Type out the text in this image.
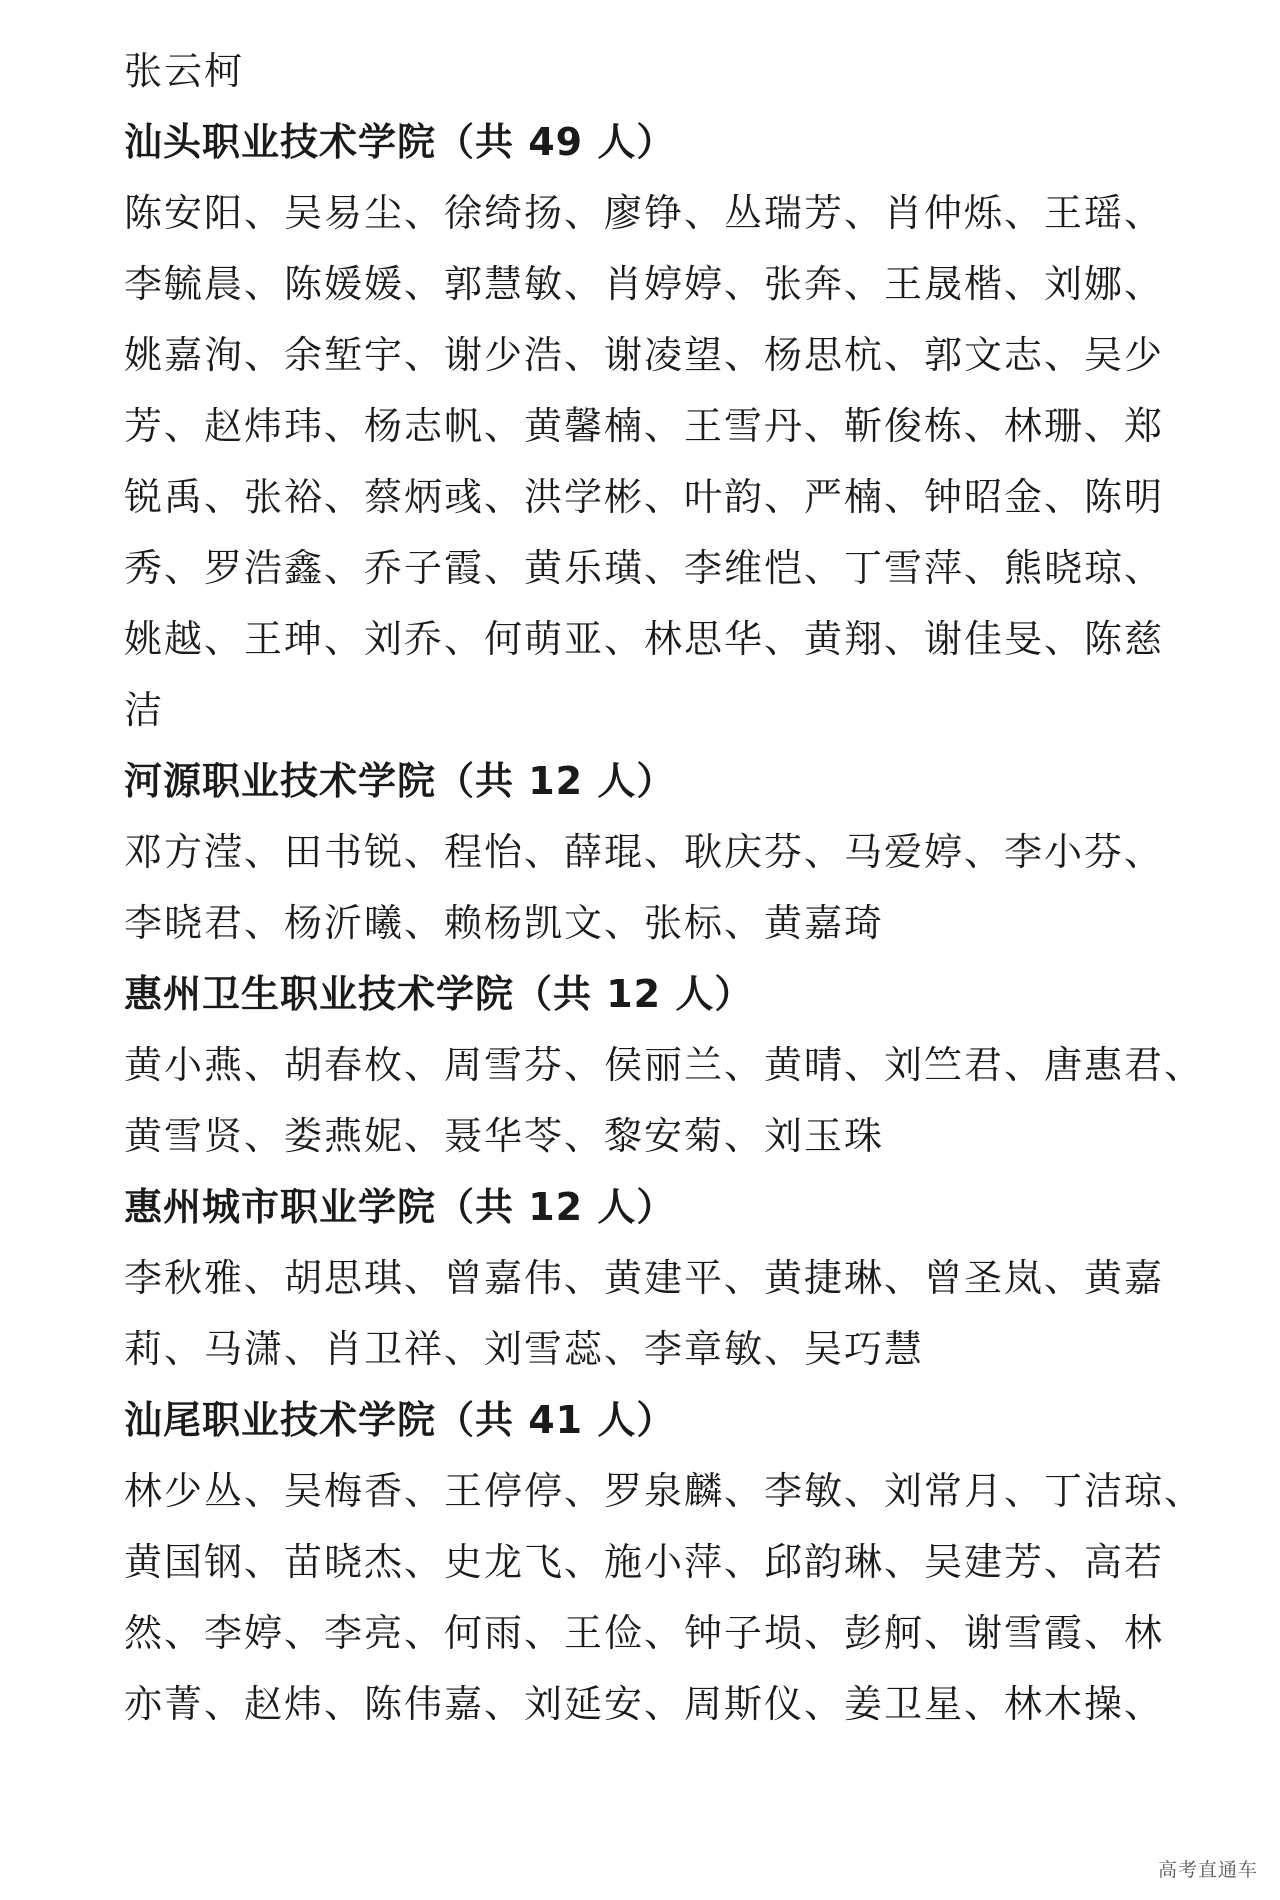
张云柯
汕头职业技术学院（共 49 人）
陈安阳、吴易尘、徐绮扬、廖铮、丛瑞芳、肖仲烁、王瑶、
李毓晨、陈媛媛、郭慧敏、肖婷婷、张奔、王晟楷、刘娜、
姚嘉洵、余堑宇、谢少浩、谢凌望、杨思杭、郭文志、吴少
芳、赵炜玮、杨志帆、黄馨楠、王雪丹、靳俊栋、林珊、郑
锐禹、张裕、蔡炳彧、洪学彬、叶韵、严楠、钟昭金、陈明
秀、罗浩鑫、乔子霞、黄乐璜、李维恺、丁雪萍、熊晓琼、
姚越、王珅、刘乔、何萌亚、林思华、黄翔、谢佳旻、陈慈
洁
河源职业技术学院（共 12 人）
邓方滢、田书锐、程怡、薛琨、耿庆芬、马爱婷、李小芬、
李晓君、杨沂曦、赖杨凯文、张标、黄嘉琦
惠州卫生职业技术学院（共 12 人）
黄小燕、胡春枚、周雪芬、侯丽兰、黄晴、刘竺君、唐惠君、
黄雪贤、娄燕妮、聂华苓、黎安菊、刘玉珠
惠州城市职业学院（共 12 人）
李秋雅、胡思琪、曾嘉伟、黄建平、黄捷琳、曾圣岚、黄嘉
莉、马潇、肖卫祥、刘雪蕊、李章敏、吴巧慧
汕尾职业技术学院（共 41 人）
林少丛、吴梅香、王停停、罗泉麟、李敏、刘常月、丁洁琼、
黄国钢、苗晓杰、史龙飞、施小萍、邱韵琳、吴建芳、高若
然、李婷、李亮、何雨、王俭、钟子埙、彭舸、谢雪霞、林
亦菁、赵炜、陈伟嘉、刘延安、周斯仪、姜卫星、林木操、
高考直通车
